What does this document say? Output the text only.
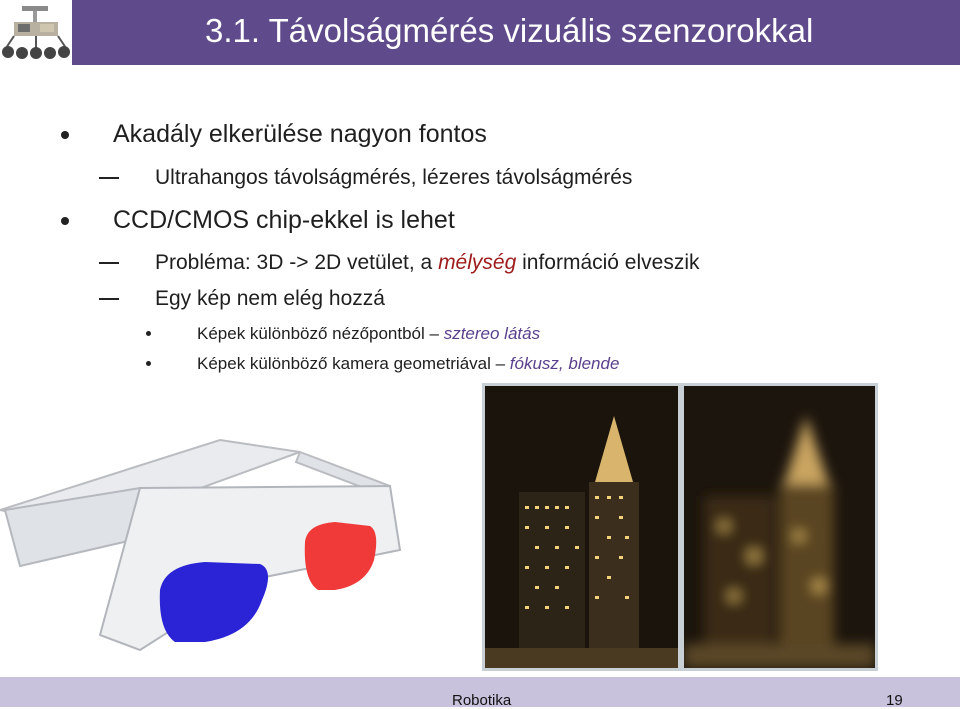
3.1. Távolságmérés vizuális szenzorokkal
Akadály elkerülése nagyon fontos
Ultrahangos távolságmérés, lézeres távolságmérés
CCD/CMOS chip-ekkel is lehet
Probléma: 3D -> 2D vetület, a mélység információ elveszik
Egy kép nem elég hozzá
Képek különböző nézőpontból – sztereo látás
Képek különböző kamera geometriával – fókusz, blende
Robotika	19
